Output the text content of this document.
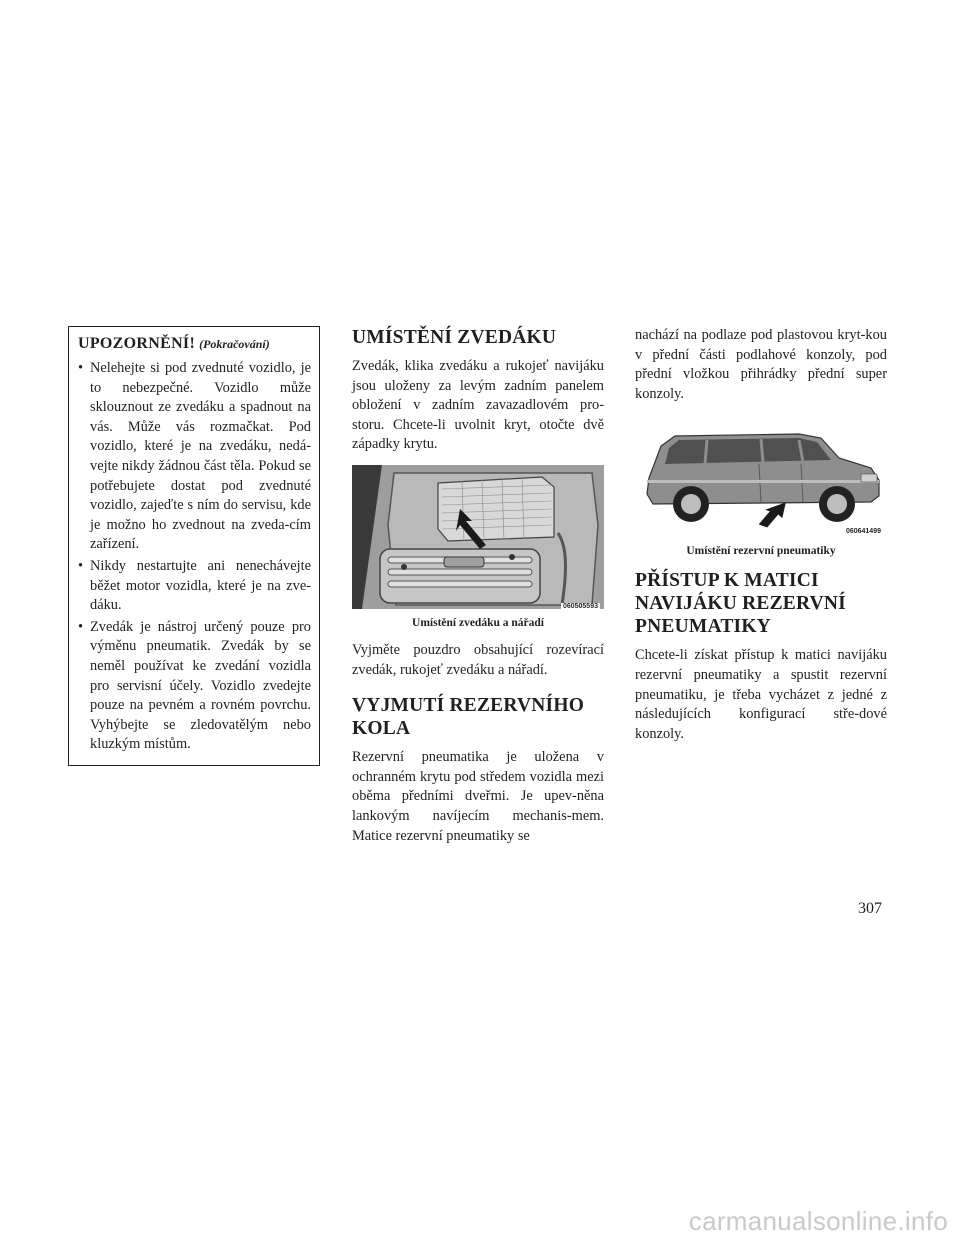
UPOZORNĚNÍ! (Pokračování)
• Nelehejte si pod zvednuté vozidlo, je to nebezpečné. Vozidlo může sklouznout ze zvedáku a spadnout na vás. Může vás rozmačkat. Pod vozidlo, které je na zvedáku, nedá-vejte nikdy žádnou část těla. Pokud se potřebujete dostat pod zvednuté vozidlo, zajeďte s ním do servisu, kde je možno ho zvednout na zveda-cím zařízení.
• Nikdy nestartujte ani nenechávejte běžet motor vozidla, které je na zve-dáku.
• Zvedák je nástroj určený pouze pro výměnu pneumatik. Zvedák by se neměl používat ke zvedání vozidla pro servisní účely. Vozidlo zvedejte pouze na pevném a rovném povrchu. Vyhýbejte se zledovatělým nebo kluzkým místům.
UMÍSTĚNÍ ZVEDÁKU

Zvedák, klika zvedáku a rukojeť navijáku jsou uloženy za levým zadním panelem obložení v zadním zavazadlovém pro-storu. Chcete-li uvolnit kryt, otočte dvě západky krytu.

060505593
Umístění zvedáku a nářadí

Vyjměte pouzdro obsahující rozevírací zvedák, rukojeť zvedáku a nářadí.

VYJMUTÍ REZERVNÍHO KOLA

Rezervní pneumatika je uložena v ochranném krytu pod středem vozidla mezi oběma předními dveřmi. Je upev-něna lankovým navíjecím mechanis-mem. Matice rezervní pneumatiky se

nachází na podlaze pod plastovou kryt-kou v přední části podlahové konzoly, pod přední vložkou přihrádky přední super konzoly.

060641499
Umístění rezervní pneumatiky
PŘÍSTUP K MATICI NAVIJÁKU REZERVNÍ PNEUMATIKY

Chcete-li získat přístup k matici navijáku rezervní pneumatiky a spustit rezervní pneumatiku, je třeba vycházet z jedné z následujících konfigurací stře-dové konzoly.

307
carmanualsonline.info
